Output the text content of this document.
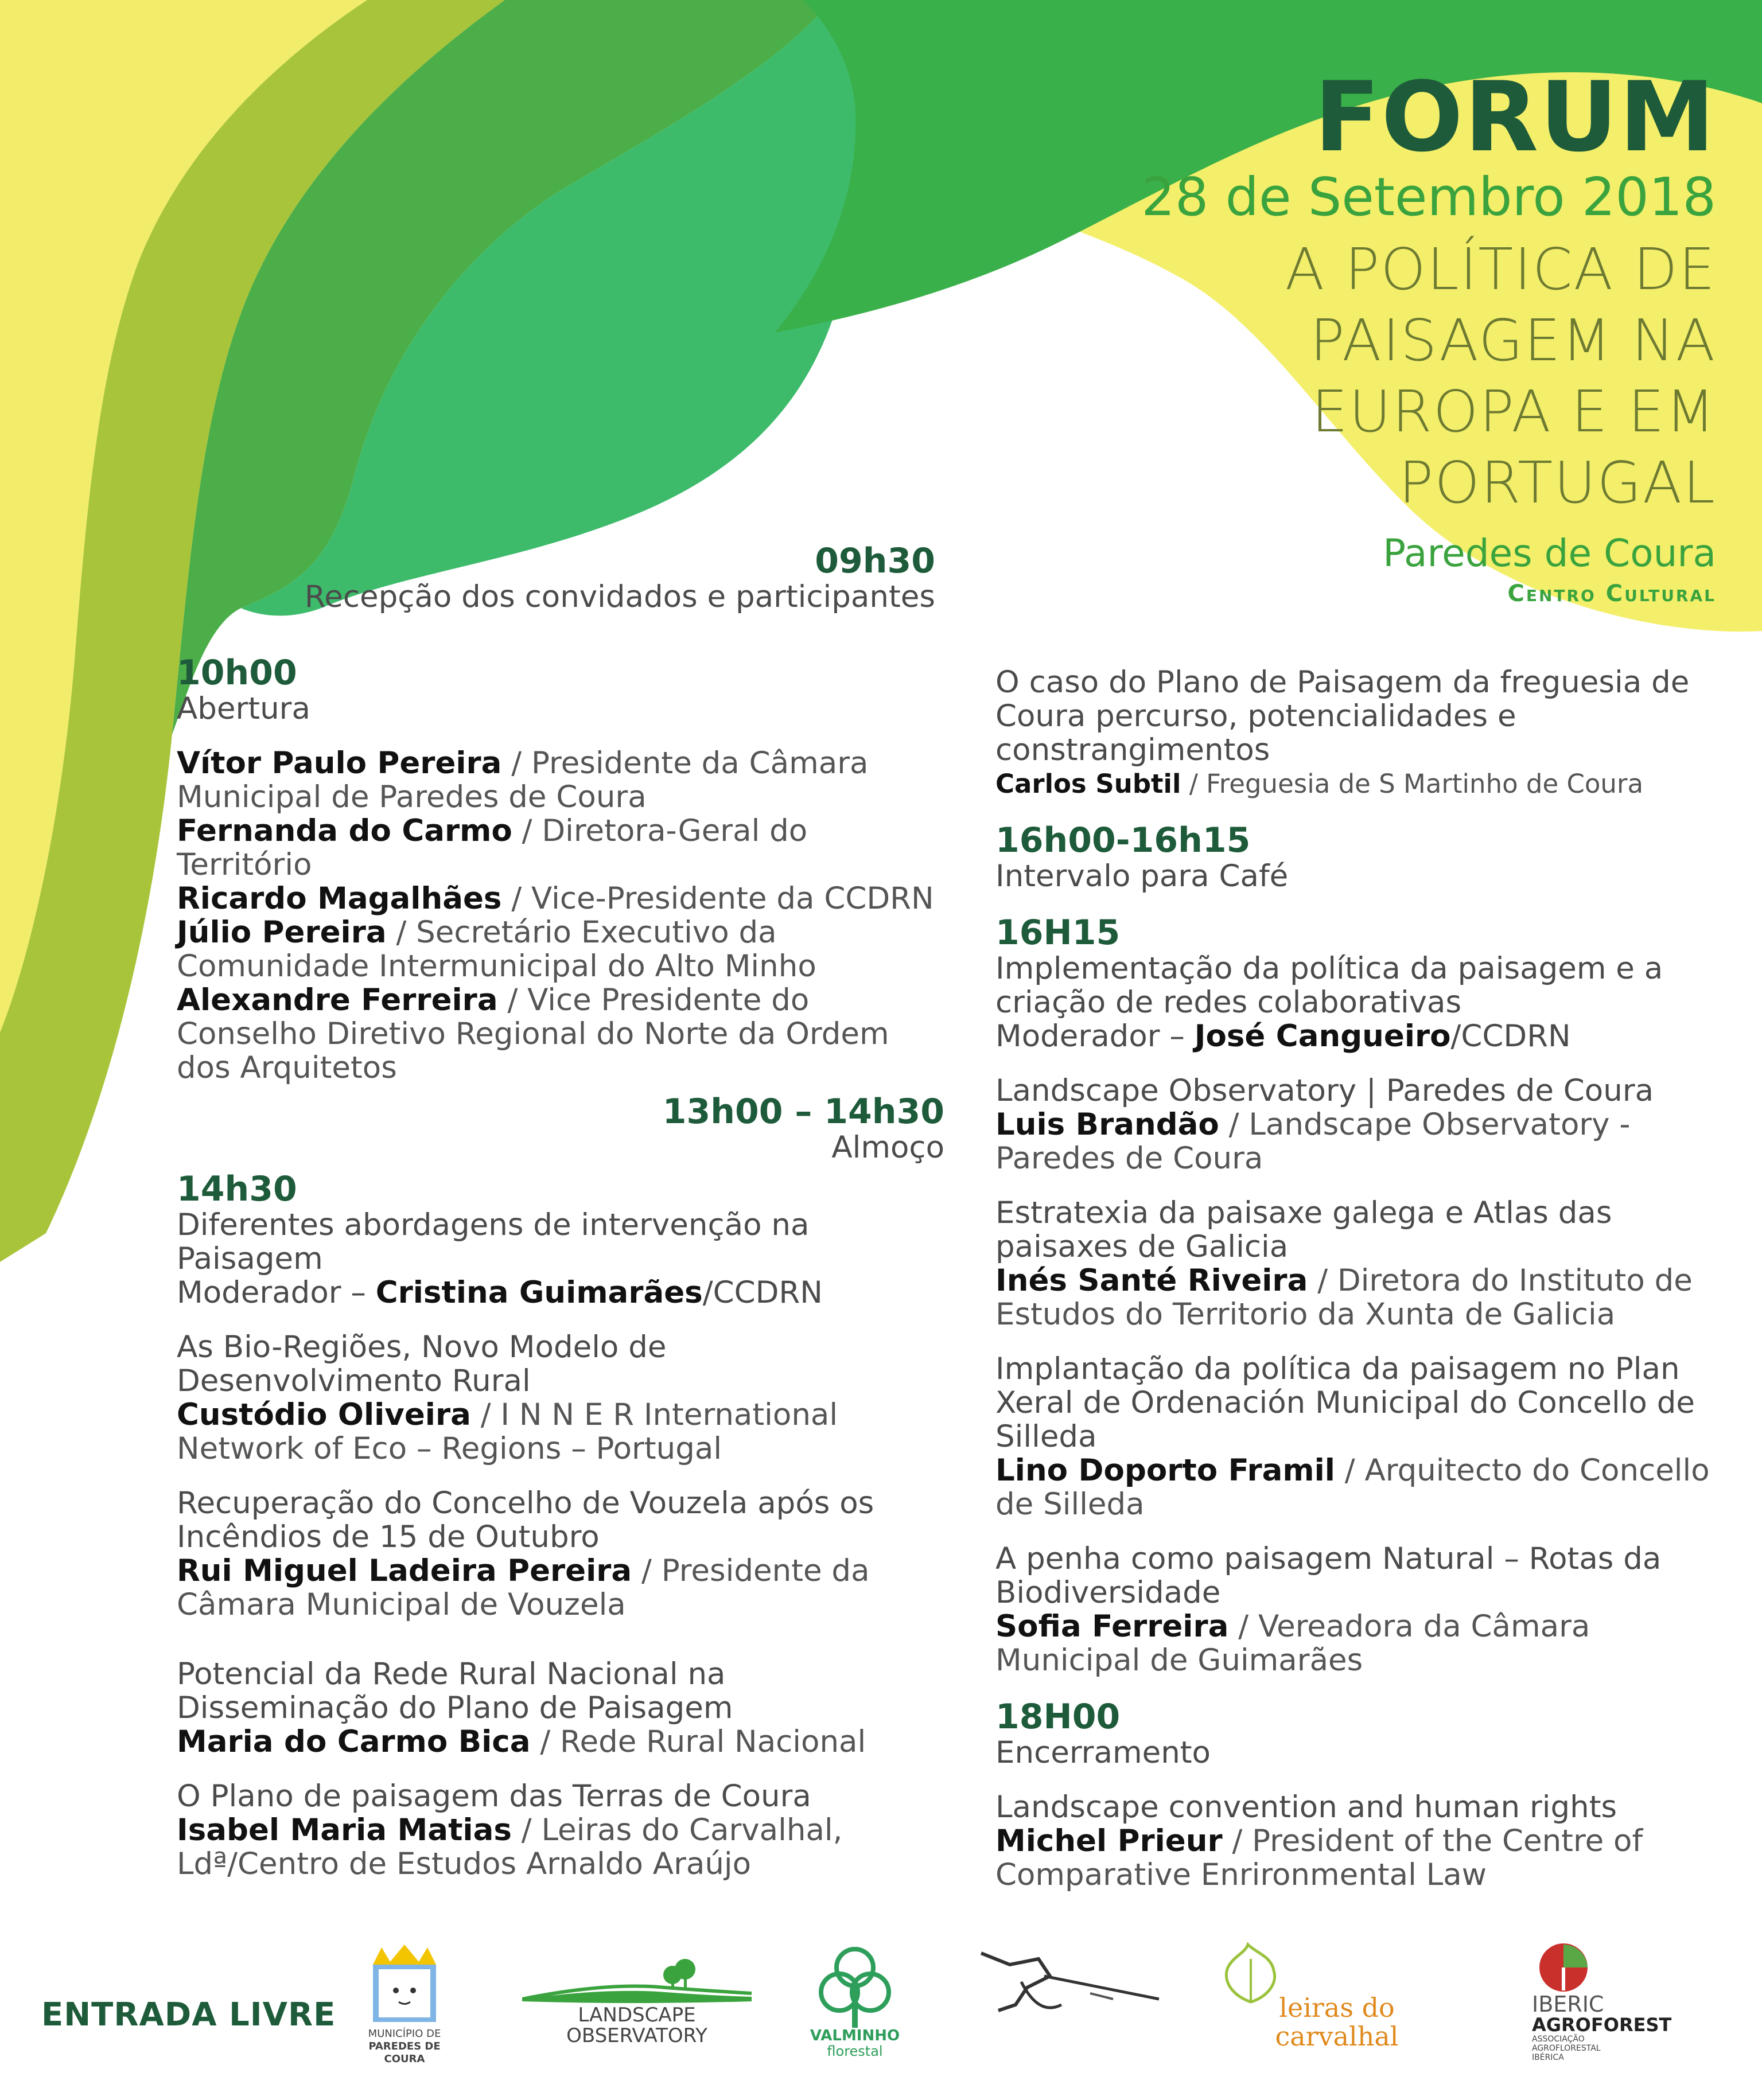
FORUM
28 de Setembro 2018
A POLÍTICA DE
PAISAGEM NA
EUROPA E EM
PORTUGAL
Paredes de Coura
Centro Cultural

09h30

Recepção dos convidados e participantes

10h00

Abertura

Vítor Paulo Pereira / Presidente da Câmara Municipal de Paredes de Coura

Fernanda do Carmo / Diretora-Geral do Território

Ricardo Magalhães / Vice-Presidente da CCDRN

Júlio Pereira / Secretário Executivo da Comunidade Intermunicipal do Alto Minho

Alexandre Ferreira / Vice Presidente do Conselho Diretivo Regional do Norte da Ordem dos Arquitetos

13h00 – 14h30

Almoço

14h30

Diferentes abordagens de intervenção na Paisagem

Moderador – Cristina Guimarães/CCDRN

As Bio-Regiões, Novo Modelo de Desenvolvimento Rural

Custódio Oliveira / I N N E R International Network of Eco – Regions – Portugal

Recuperação do Concelho de Vouzela após os Incêndios de 15 de Outubro

Rui Miguel Ladeira Pereira / Presidente da Câmara Municipal de Vouzela

Potencial da Rede Rural Nacional na Disseminação do Plano de Paisagem

Maria do Carmo Bica / Rede Rural Nacional

O Plano de paisagem das Terras de Coura

Isabel Maria Matias / Leiras do Carvalhal, Ldª/Centro de Estudos Arnaldo Araújo

O caso do Plano de Paisagem da freguesia de Coura percurso, potencialidades e constrangimentos

Carlos Subtil / Freguesia de S Martinho de Coura

16h00-16h15

Intervalo para Café

16H15

Implementação da política da paisagem e a criação de redes colaborativas

Moderador – José Cangueiro/CCDRN

Landscape Observatory | Paredes de Coura

Luis Brandão / Landscape Observatory - Paredes de Coura

Estratexia da paisaxe galega e Atlas das paisaxes de Galicia

Inés Santé Riveira / Diretora do Instituto de Estudos do Territorio da Xunta de Galicia

Implantação da política da paisagem no Plan Xeral de Ordenación Municipal do Concello de Silleda

Lino Doporto Framil / Arquitecto do Concello de Silleda

A penha como paisagem Natural – Rotas da Biodiversidade

Sofia Ferreira / Vereadora da Câmara Municipal de Guimarães

18H00

Encerramento

Landscape convention and human rights

Michel Prieur / President of the Centre of Comparative Enrironmental Law

ENTRADA LIVRE
MUNICÍPIO DE
PAREDES DE COURA
LANDSCAPE
OBSERVATORY	VALMINHO
florestal
leiras do carvalhal
IBERIC
AGROFOREST
ASSOCIAÇÃO
AGROFLORESTAL
IBÉRICA
